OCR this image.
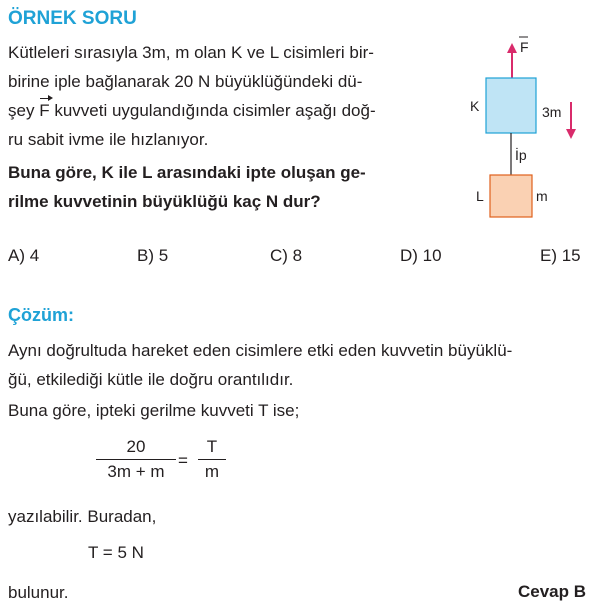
ÖRNEK SORU
Kütleleri sırasıyla 3m, m olan K ve L cisimleri bir-
birine iple bağlanarak 20 N büyüklüğündeki dü-
şey F kuvveti uygulandığında cisimler aşağı doğ-
ru sabit ivme ile hızlanıyor.
Buna göre, K ile L arasındaki ipte oluşan ge-
rilme kuvvetinin büyüklüğü kaç N dur?
F
K	3m
İp
L	m
A) 4	B) 5	C) 8	D) 10	E) 15
Çözüm:
Aynı doğrultuda hareket eden cisimlere etki eden kuvvetin büyüklü-
ğü, etkilediği kütle ile doğru orantılıdır.
Buna göre, ipteki gerilme kuvveti T ise;
20
3m + m
=
T
m
yazılabilir. Buradan,
T = 5 N
bulunur.	Cevap B
